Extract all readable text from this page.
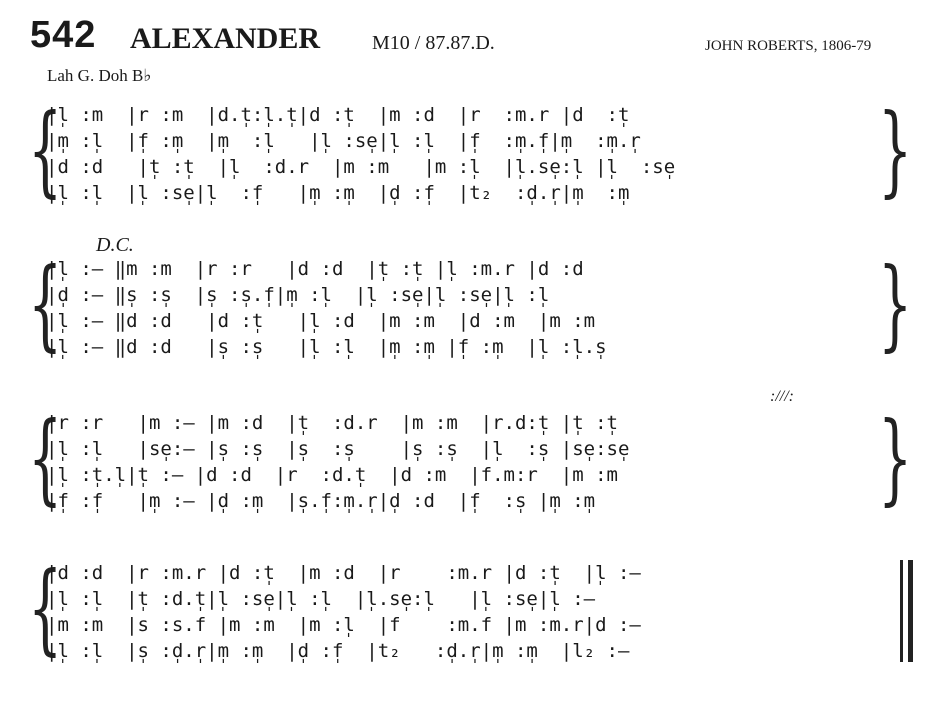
542 ALEXANDER	M10 / 87.87.D.	JOHN ROBERTS, 1806-79
Lah G. Doh B♭
{	}
|l̩ :m  |r :m  |d.t̩:l̩.t̩|d :t̩  |m :d  |r  :m.r |d  :t̩
|m̩ :l̩  |f̩ :m̩  |m̩  :l̩   |l̩ :se̩|l̩ :l̩  |f̩  :m̩.f̩|m̩  :m̩.r̩
|d :d   |t̩ :t̩  |l̩  :d.r  |m :m   |m :l̩  |l̩.se̩:l̩ |l̩  :se̩
|l̩ :l̩  |l̩ :se̩|l̩  :f̩   |m̩ :m̩  |d̩ :f̩  |t₂  :d̩.r̩|m̩  :m̩
D.C.
{	}
|l̩ :— ‖m :m  |r :r   |d :d  |t̩ :t̩ |l̩ :m.r |d :d
|d̩ :— ‖s̩ :s̩  |s̩ :s̩.f̩|m̩ :l̩  |l̩ :se̩|l̩ :se̩|l̩ :l̩
|l̩ :— ‖d :d   |d :t̩   |l̩ :d  |m :m  |d :m  |m :m
|l̩ :— ‖d :d   |s̩ :s̩   |l̩ :l̩  |m̩ :m̩ |f̩ :m̩  |l̩ :l̩.s̩
:///:
{	}
|r :r   |m :— |m :d  |t̩  :d.r  |m :m  |r.d:t̩ |t̩ :t̩
|l̩ :l̩   |se̩:— |s̩ :s̩  |s̩  :s̩    |s̩ :s̩  |l̩  :s̩ |se̩:se̩
|l̩ :t̩.l̩|t̩ :— |d :d  |r  :d.t̩  |d :m  |f.m:r  |m :m
|f̩ :f̩   |m̩ :— |d̩ :m̩  |s̩.f̩:m̩.r̩|d̩ :d  |f̩  :s̩ |m̩ :m̩
{
|d :d  |r :m.r |d :t̩  |m :d  |r    :m.r |d :t̩  |l̩ :—
|l̩ :l̩  |t̩ :d.t̩|l̩ :se̩|l̩ :l̩  |l̩.se̩:l̩   |l̩ :se̩|l̩ :—
|m :m  |s :s.f |m :m  |m :l̩  |f    :m.f |m :m.r|d :—
|l̩ :l̩  |s̩ :d̩.r̩|m̩ :m̩  |d̩ :f̩  |t₂   :d̩.r̩|m̩ :m̩  |l₂ :—
